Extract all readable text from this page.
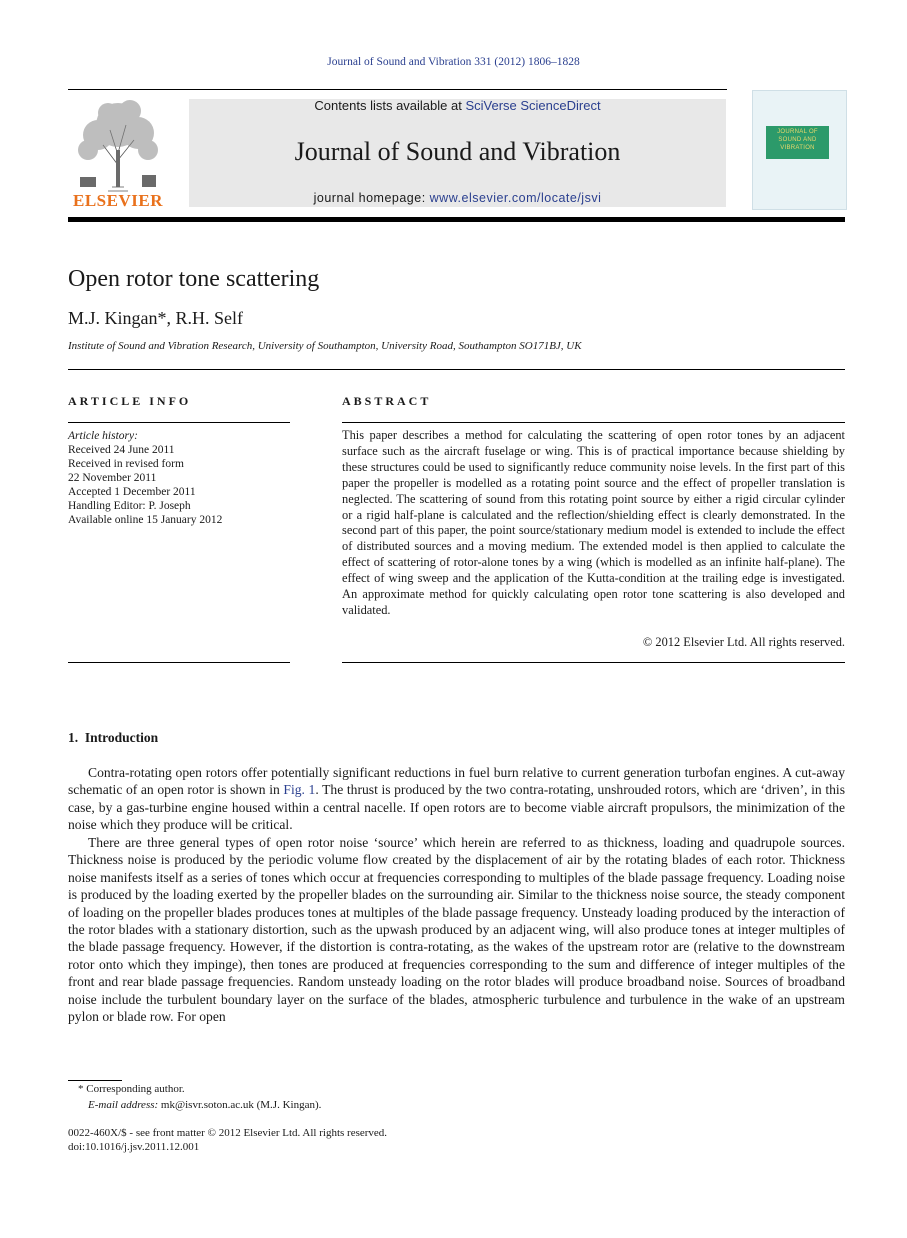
Journal of Sound and Vibration 331 (2012) 1806–1828
ELSEVIER
Contents lists available at SciVerse ScienceDirect
Journal of Sound and Vibration
journal homepage: www.elsevier.com/locate/jsvi
JOURNAL OF SOUND AND VIBRATION
Open rotor tone scattering
M.J. Kingan*, R.H. Self
Institute of Sound and Vibration Research, University of Southampton, University Road, Southampton SO171BJ, UK
ARTICLE INFO
Article history:
Received 24 June 2011
Received in revised form
22 November 2011
Accepted 1 December 2011
Handling Editor: P. Joseph
Available online 15 January 2012
ABSTRACT
This paper describes a method for calculating the scattering of open rotor tones by an adjacent surface such as the aircraft fuselage or wing. This is of practical importance because shielding by these structures could be used to significantly reduce community noise levels. In the first part of this paper the propeller is modelled as a rotating point source and the effect of propeller translation is neglected. The scattering of sound from this rotating point source by either a rigid circular cylinder or a rigid half-plane is calculated and the reflection/shielding effect is clearly demonstrated. In the second part of this paper, the point source/stationary medium model is extended to include the effect of distributed sources and a moving medium. The extended model is then applied to calculate the effect of scattering of rotor-alone tones by a wing (which is modelled as an infinite half-plane). The effect of wing sweep and the application of the Kutta-condition at the trailing edge is investigated. An approximate method for quickly calculating open rotor tone scattering is also developed and validated.
© 2012 Elsevier Ltd. All rights reserved.
1.  Introduction
Contra-rotating open rotors offer potentially significant reductions in fuel burn relative to current generation turbofan engines. A cut-away schematic of an open rotor is shown in Fig. 1. The thrust is produced by the two contra-rotating, unshrouded rotors, which are ‘driven’, in this case, by a gas-turbine engine housed within a central nacelle. If open rotors are to become viable aircraft propulsors, the minimization of the noise which they produce will be critical.
There are three general types of open rotor noise ‘source’ which herein are referred to as thickness, loading and quadrupole sources. Thickness noise is produced by the periodic volume flow created by the displacement of air by the rotating blades of each rotor. Thickness noise manifests itself as a series of tones which occur at frequencies corresponding to multiples of the blade passage frequency. Loading noise is produced by the loading exerted by the propeller blades on the surrounding air. Similar to the thickness noise source, the steady component of loading on the propeller blades produces tones at multiples of the blade passage frequency. Unsteady loading produced by the interaction of the rotor blades with a stationary distortion, such as the upwash produced by an adjacent wing, will also produce tones at integer multiples of the blade passage frequency. However, if the distortion is contra-rotating, as the wakes of the upstream rotor are (relative to the downstream rotor onto which they impinge), then tones are produced at frequencies corresponding to the sum and difference of integer multiples of the front and rear blade passage frequencies. Random unsteady loading on the rotor blades will produce broadband noise. Sources of broadband noise include the turbulent boundary layer on the surface of the blades, atmospheric turbulence and turbulence in the wake of an upstream pylon or blade row. For open
* Corresponding author.
E-mail address: mk@isvr.soton.ac.uk (M.J. Kingan).
0022-460X/$ - see front matter © 2012 Elsevier Ltd. All rights reserved.
doi:10.1016/j.jsv.2011.12.001
